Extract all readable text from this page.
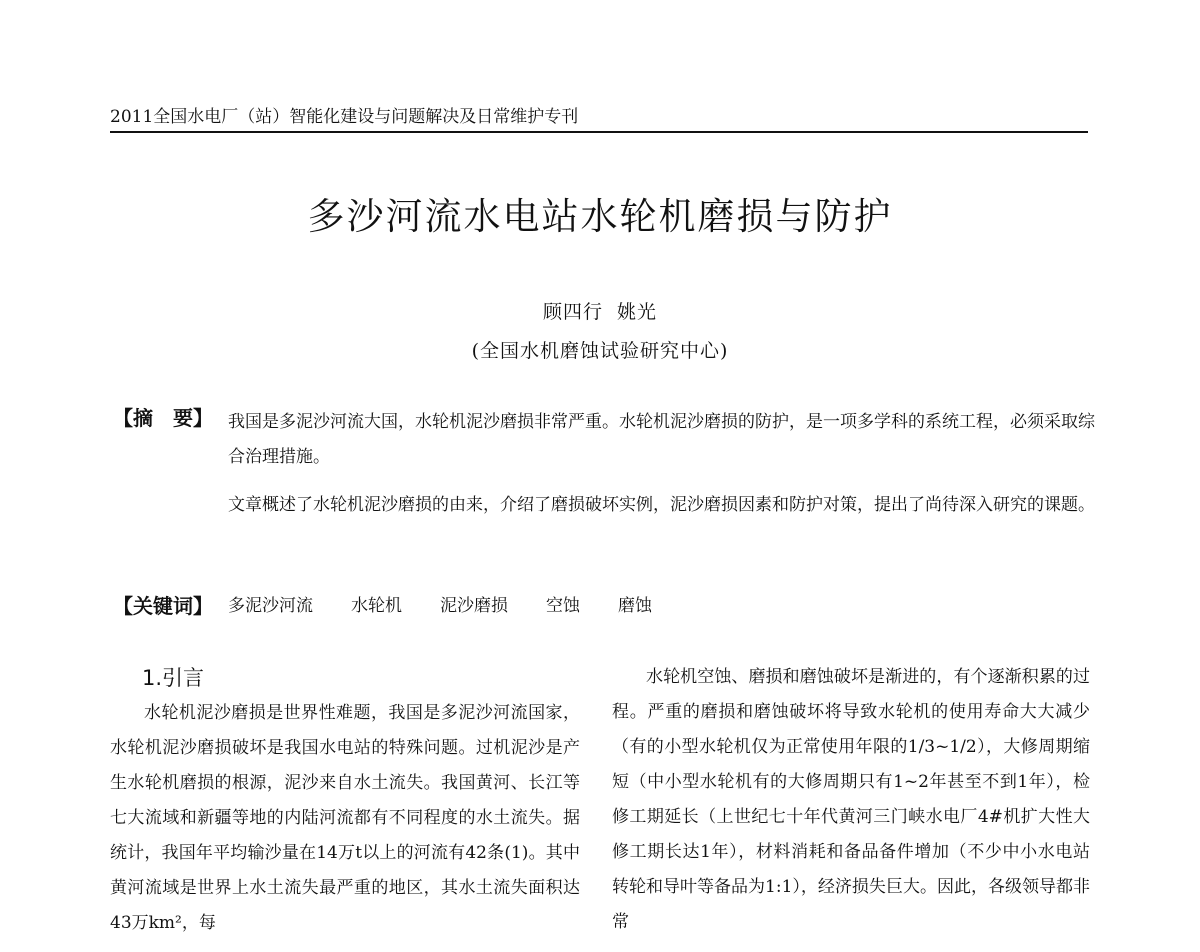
2011全国水电厂（站）智能化建设与问题解决及日常维护专刊
多沙河流水电站水轮机磨损与防护
顾四行 姚光
(全国水机磨蚀试验研究中心)
【摘　要】 我国是多泥沙河流大国，水轮机泥沙磨损非常严重。水轮机泥沙磨损的防护，是一项多学科的系统工程，必须采取综合治理措施。

文章概述了水轮机泥沙磨损的由来，介绍了磨损破坏实例，泥沙磨损因素和防护对策，提出了尚待深入研究的课题。

【关键词】 多泥沙河流 水轮机 泥沙磨损 空蚀 磨蚀
1.引言

水轮机泥沙磨损是世界性难题，我国是多泥沙河流国家，水轮机泥沙磨损破坏是我国水电站的特殊问题。过机泥沙是产生水轮机磨损的根源，泥沙来自水土流失。我国黄河、长江等七大流域和新疆等地的内陆河流都有不同程度的水土流失。据统计，我国年平均输沙量在14万t以上的河流有42条(1)。其中黄河流域是世界上水土流失最严重的地区，其水土流失面积达43万km²，每

水轮机空蚀、磨损和磨蚀破坏是渐进的，有个逐渐积累的过程。严重的磨损和磨蚀破坏将导致水轮机的使用寿命大大减少（有的小型水轮机仅为正常使用年限的1/3~1/2），大修周期缩短（中小型水轮机有的大修周期只有1~2年甚至不到1年），检修工期延长（上世纪七十年代黄河三门峡水电厂4#机扩大性大修工期长达1年），材料消耗和备品备件增加（不少中小水电站转轮和导叶等备品为1:1），经济损失巨大。因此，各级领导都非常
